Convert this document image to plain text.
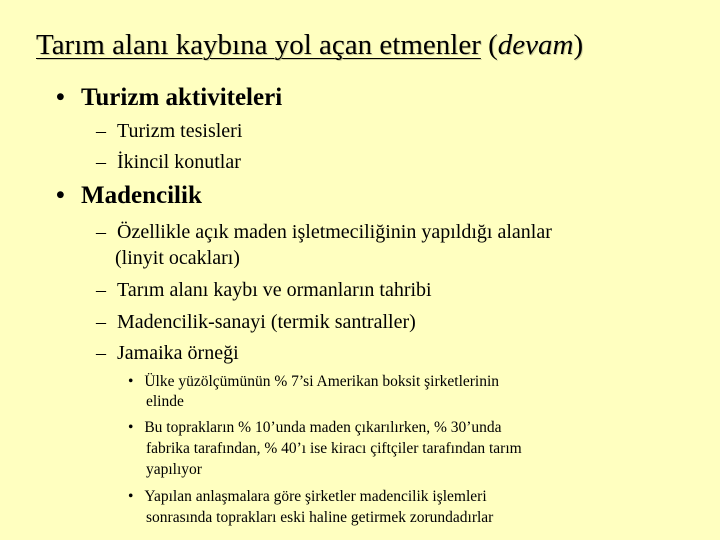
Tarım alanı kaybına yol açan etmenler (devam)
• Turizm aktiviteleri
– Turizm tesisleri
– İkincil konutlar
• Madencilik
– Özellikle açık maden işletmeciliğinin yapıldığı alanlar
(linyit ocakları)
– Tarım alanı kaybı ve ormanların tahribi
– Madencilik-sanayi (termik santraller)
– Jamaika örneği
• Ülke yüzölçümünün % 7’si Amerikan boksit şirketlerinin
elinde
• Bu toprakların % 10’unda maden çıkarılırken, % 30’unda
fabrika tarafından, % 40’ı ise kiracı çiftçiler tarafından tarım
yapılıyor
• Yapılan anlaşmalara göre şirketler madencilik işlemleri
sonrasında toprakları eski haline getirmek zorundadırlar
